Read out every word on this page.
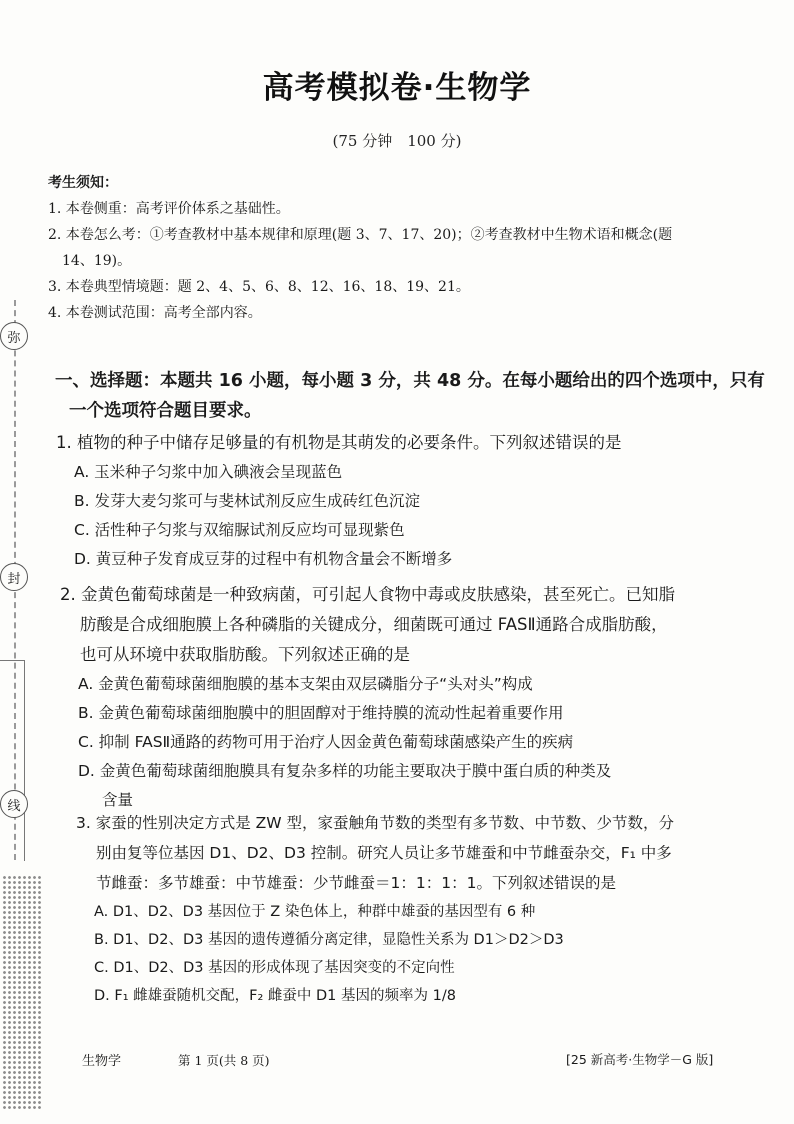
弥
封
线
高考模拟卷·生物学
(75 分钟　100 分)
考生须知：
1. 本卷侧重：高考评价体系之基础性。
2. 本卷怎么考：①考查教材中基本规律和原理(题 3、7、17、20)；②考查教材中生物术语和概念(题
14、19)。
3. 本卷典型情境题：题 2、4、5、6、8、12、16、18、19、21。
4. 本卷测试范围：高考全部内容。
一、选择题：本题共 16 小题，每小题 3 分，共 48 分。在每小题给出的四个选项中，只有
一个选项符合题目要求。
1. 植物的种子中储存足够量的有机物是其萌发的必要条件。下列叙述错误的是
A. 玉米种子匀浆中加入碘液会呈现蓝色
B. 发芽大麦匀浆可与斐林试剂反应生成砖红色沉淀
C. 活性种子匀浆与双缩脲试剂反应均可显现紫色
D. 黄豆种子发育成豆芽的过程中有机物含量会不断增多
2. 金黄色葡萄球菌是一种致病菌，可引起人食物中毒或皮肤感染，甚至死亡。已知脂
肪酸是合成细胞膜上各种磷脂的关键成分，细菌既可通过 FASⅡ通路合成脂肪酸，
也可从环境中获取脂肪酸。下列叙述正确的是
A. 金黄色葡萄球菌细胞膜的基本支架由双层磷脂分子“头对头”构成
B. 金黄色葡萄球菌细胞膜中的胆固醇对于维持膜的流动性起着重要作用
C. 抑制 FASⅡ通路的药物可用于治疗人因金黄色葡萄球菌感染产生的疾病
D. 金黄色葡萄球菌细胞膜具有复杂多样的功能主要取决于膜中蛋白质的种类及
含量
3. 家蚕的性别决定方式是 ZW 型，家蚕触角节数的类型有多节数、中节数、少节数，分
别由复等位基因 D1、D2、D3 控制。研究人员让多节雄蚕和中节雌蚕杂交，F₁ 中多
节雌蚕：多节雄蚕：中节雄蚕：少节雌蚕＝1：1：1：1。下列叙述错误的是
A. D1、D2、D3 基因位于 Z 染色体上，种群中雄蚕的基因型有 6 种
B. D1、D2、D3 基因的遗传遵循分离定律，显隐性关系为 D1＞D2＞D3
C. D1、D2、D3 基因的形成体现了基因突变的不定向性
D. F₁ 雌雄蚕随机交配，F₂ 雌蚕中 D1 基因的频率为 1/8
生物学	第 1 页(共 8 页)	[25 新高考·生物学－G 版]
